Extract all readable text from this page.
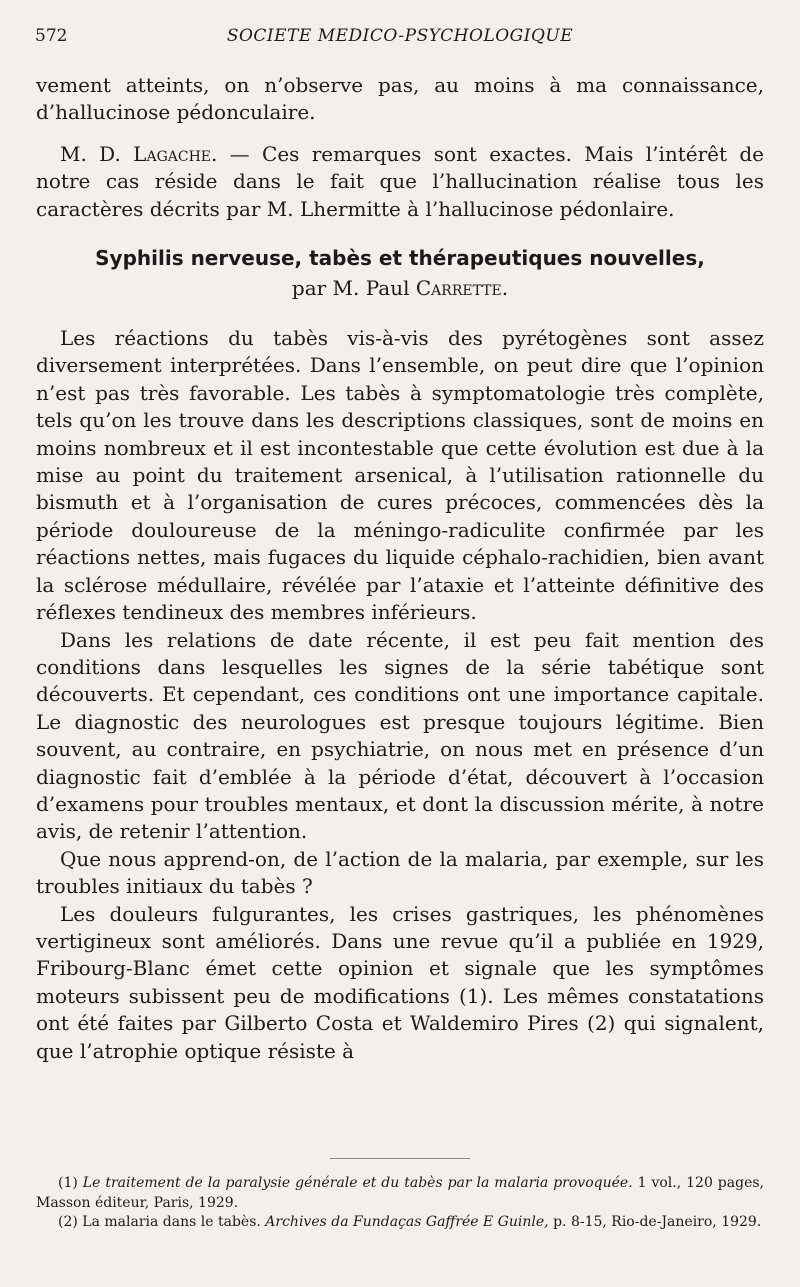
572	SOCIETE MEDICO-PSYCHOLOGIQUE

vement atteints, on n’observe pas, au moins à ma connaissance, d’hallucinose pédonculaire.

M. D. Lagache. — Ces remarques sont exactes. Mais l’intérêt de notre cas réside dans le fait que l’hallucination réalise tous les caractères décrits par M. Lhermitte à l’hallucinose pédonlaire.

Syphilis nerveuse, tabès et thérapeutiques nouvelles,
par M. Paul Carrette.

Les réactions du tabès vis-à-vis des pyrétogènes sont assez diversement interprétées. Dans l’ensemble, on peut dire que l’opinion n’est pas très favorable. Les tabès à symptomatologie très complète, tels qu’on les trouve dans les descriptions classiques, sont de moins en moins nombreux et il est incontestable que cette évolution est due à la mise au point du traitement arsenical, à l’utilisation rationnelle du bismuth et à l’organisation de cures précoces, commencées dès la période douloureuse de la méningo-radiculite confirmée par les réactions nettes, mais fugaces du liquide céphalo-rachidien, bien avant la sclérose médullaire, révélée par l’ataxie et l’atteinte définitive des réflexes tendineux des membres inférieurs.

Dans les relations de date récente, il est peu fait mention des conditions dans lesquelles les signes de la série tabétique sont découverts. Et cependant, ces conditions ont une importance capitale. Le diagnostic des neurologues est presque toujours légitime. Bien souvent, au contraire, en psychiatrie, on nous met en présence d’un diagnostic fait d’emblée à la période d’état, découvert à l’occasion d’examens pour troubles mentaux, et dont la discussion mérite, à notre avis, de retenir l’attention.

Que nous apprend-on, de l’action de la malaria, par exemple, sur les troubles initiaux du tabès ?

Les douleurs fulgurantes, les crises gastriques, les phénomènes vertigineux sont améliorés. Dans une revue qu’il a publiée en 1929, Fribourg-Blanc émet cette opinion et signale que les symptômes moteurs subissent peu de modifications (1). Les mêmes constatations ont été faites par Gilberto Costa et Waldemiro Pires (2) qui signalent, que l’atrophie optique résiste à

(1) Le traitement de la paralysie générale et du tabès par la malaria provoquée. 1 vol., 120 pages, Masson éditeur, Paris, 1929.

(2) La malaria dans le tabès. Archives da Fundaças Gaffrée E Guinle, p. 8-15, Rio-de-Janeiro, 1929.
